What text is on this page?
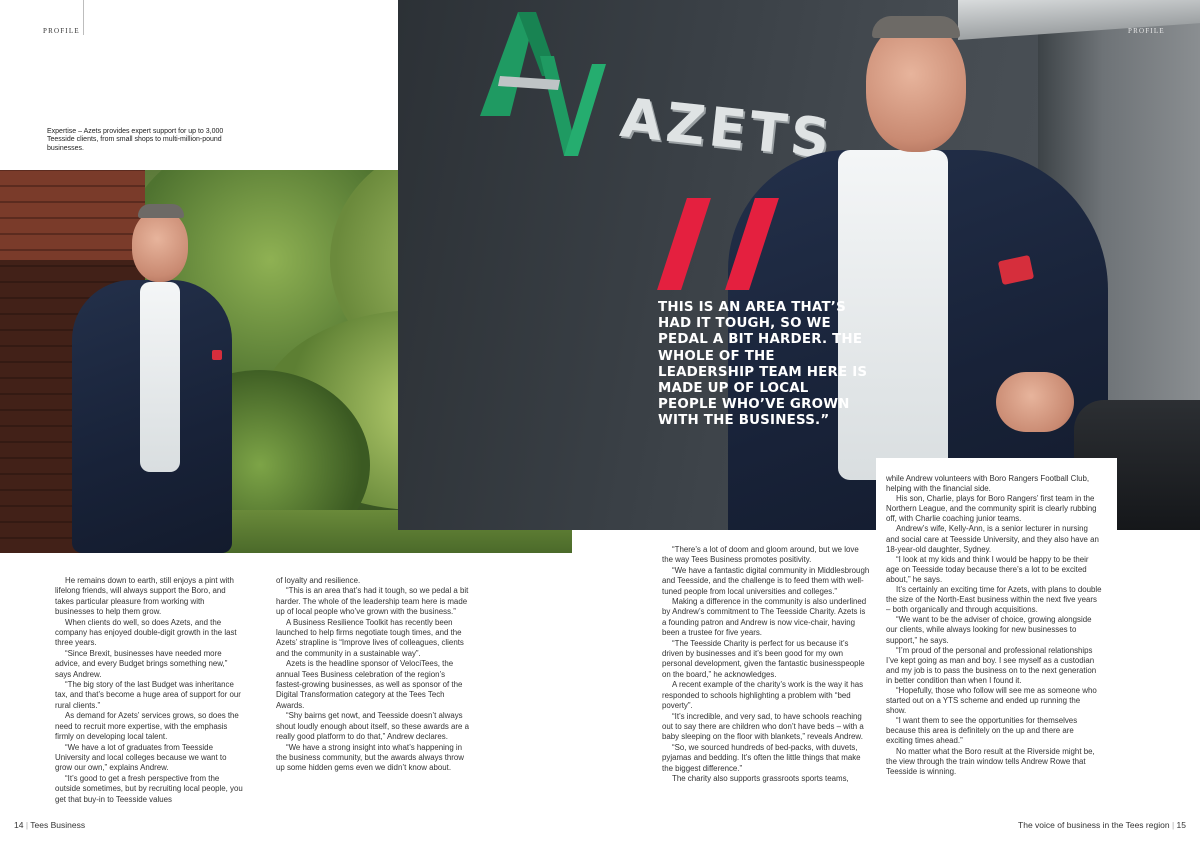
PROFILE
Expertise – Azets provides expert support for up to 3,000 Teesside clients, from small shops to multi-million-pound businesses.	AZETS
PROFILE
THIS IS AN AREA THAT’S HAD IT TOUGH, SO WE PEDAL A BIT HARDER. THE WHOLE OF THE LEADERSHIP TEAM HERE IS MADE UP OF LOCAL PEOPLE WHO’VE GROWN WITH THE BUSINESS.”

He remains down to earth, still enjoys a pint with lifelong friends, will always support the Boro, and takes particular pleasure from working with businesses to help them grow.

When clients do well, so does Azets, and the company has enjoyed double-digit growth in the last three years.

“Since Brexit, businesses have needed more advice, and every Budget brings something new,” says Andrew.

“The big story of the last Budget was inheritance tax, and that’s become a huge area of support for our rural clients.”

As demand for Azets’ services grows, so does the need to recruit more expertise, with the emphasis firmly on developing local talent.

“We have a lot of graduates from Teesside University and local colleges because we want to grow our own,” explains Andrew.

“It’s good to get a fresh perspective from the outside sometimes, but by recruiting local people, you get that buy-in to Teesside values

of loyalty and resilience.

“This is an area that’s had it tough, so we pedal a bit harder. The whole of the leadership team here is made up of local people who’ve grown with the business.”

A Business Resilience Toolkit has recently been launched to help firms negotiate tough times, and the Azets’ strapline is “Improve lives of colleagues, clients and the community in a sustainable way”.

Azets is the headline sponsor of VelociTees, the annual Tees Business celebration of the region’s fastest-growing businesses, as well as sponsor of the Digital Transformation category at the Tees Tech Awards.

“Shy bairns get nowt, and Teesside doesn’t always shout loudly enough about itself, so these awards are a really good platform to do that,” Andrew declares.

“We have a strong insight into what’s happening in the business community, but the awards always throw up some hidden gems even we didn’t know about.

“There’s a lot of doom and gloom around, but we love the way Tees Business promotes positivity.

“We have a fantastic digital community in Middlesbrough and Teesside, and the challenge is to feed them with well-tuned people from local universities and colleges.”

Making a difference in the community is also underlined by Andrew’s commitment to The Teesside Charity. Azets is a founding patron and Andrew is now vice-chair, having been a trustee for five years.

“The Teesside Charity is perfect for us because it’s driven by businesses and it’s been good for my own personal development, given the fantastic businesspeople on the board,” he acknowledges.

A recent example of the charity’s work is the way it has responded to schools highlighting a problem with “bed poverty”.

“It’s incredible, and very sad, to have schools reaching out to say there are children who don’t have beds – with a baby sleeping on the floor with blankets,” reveals Andrew.

“So, we sourced hundreds of bed-packs, with duvets, pyjamas and bedding. It’s often the little things that make the biggest difference.”

The charity also supports grassroots sports teams,

while Andrew volunteers with Boro Rangers Football Club, helping with the financial side.

His son, Charlie, plays for Boro Rangers’ first team in the Northern League, and the community spirit is clearly rubbing off, with Charlie coaching junior teams.

Andrew’s wife, Kelly-Ann, is a senior lecturer in nursing and social care at Teesside University, and they also have an 18-year-old daughter, Sydney.

“I look at my kids and think I would be happy to be their age on Teesside today because there’s a lot to be excited about,” he says.

It’s certainly an exciting time for Azets, with plans to double the size of the North-East business within the next five years – both organically and through acquisitions.

“We want to be the adviser of choice, growing alongside our clients, while always looking for new businesses to support,” he says.

“I’m proud of the personal and professional relationships I’ve kept going as man and boy. I see myself as a custodian and my job is to pass the business on to the next generation in better condition than when I found it.

“Hopefully, those who follow will see me as someone who started out on a YTS scheme and ended up running the show.

“I want them to see the opportunities for themselves because this area is definitely on the up and there are exciting times ahead.”

No matter what the Boro result at the Riverside might be, the view through the train window tells Andrew Rowe that Teesside is winning.

14 | Tees Business	The voice of business in the Tees region | 15
